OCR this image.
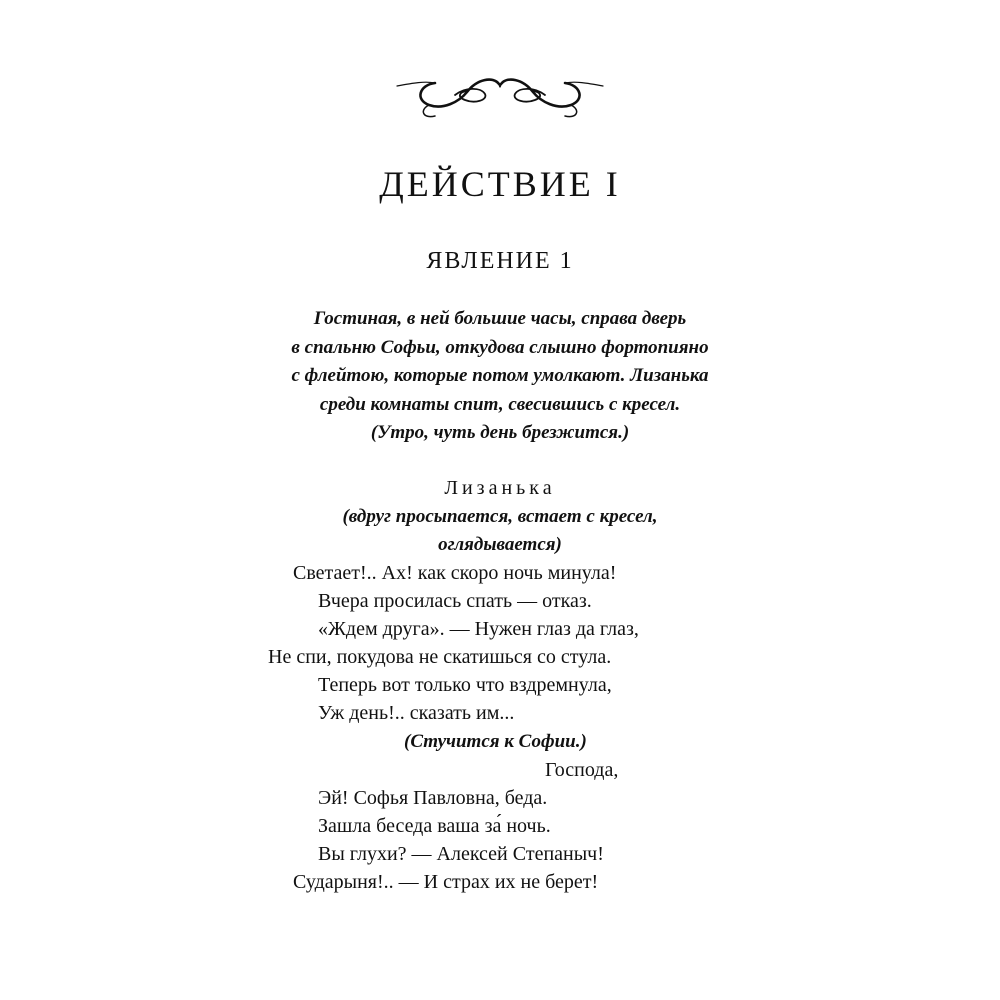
ДЕЙСТВИЕ I
ЯВЛЕНИЕ 1
Гостиная, в ней большие часы, справа дверь
в спальню Софьи, откудова слышно фортопияно
с флейтою, которые потом умолкают. Лизанька
среди комнаты спит, свесившись с кресел.
(Утро, чуть день брезжится.)
Лизанька
(вдруг просыпается, встает с кресел,
оглядывается)
Светает!.. Ах! как скоро ночь минула!
Вчера просилась спать — отказ.
«Ждем друга». — Нужен глаз да глаз,
Не спи, покудова не скатишься со стула.
Теперь вот только что вздремнула,
Уж день!.. сказать им...
(Стучится к Софии.)
Господа,
Эй! Софья Павловна, беда.
Зашла беседа ваша за́ ночь.
Вы глухи? — Алексей Степаныч!
Сударыня!.. — И страх их не берет!
